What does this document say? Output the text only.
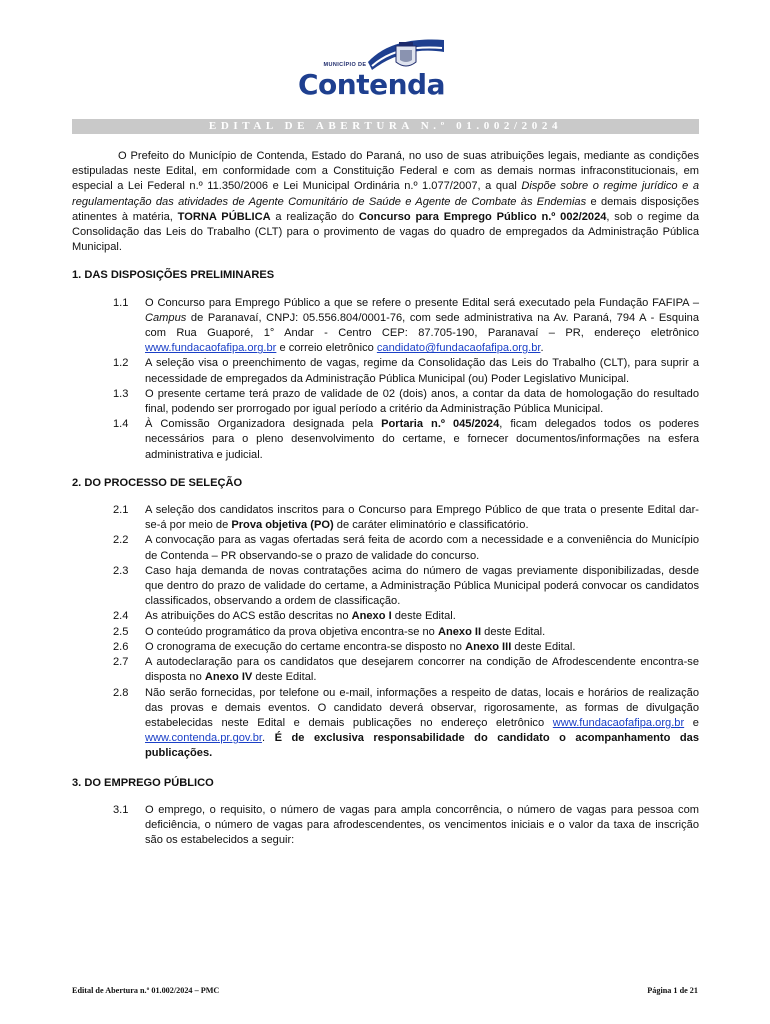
MUNICÍPIO DE
Contenda
EDITAL DE ABERTURA N.º 01.002/2024

O Prefeito do Município de Contenda, Estado do Paraná, no uso de suas atribuições legais, mediante as condições estipuladas neste Edital, em conformidade com a Constituição Federal e com as demais normas infraconstitucionais, em especial a Lei Federal n.º 11.350/2006 e Lei Municipal Ordinária n.º 1.077/2007, a qual Dispõe sobre o regime jurídico e a regulamentação das atividades de Agente Comunitário de Saúde e Agente de Combate às Endemias e demais disposições atinentes à matéria, TORNA PÚBLICA a realização do Concurso para Emprego Público n.º 002/2024, sob o regime da Consolidação das Leis do Trabalho (CLT) para o provimento de vagas do quadro de empregados da Administração Pública Municipal.

1. DAS DISPOSIÇÕES PRELIMINARES

1.1	O Concurso para Emprego Público a que se refere o presente Edital será executado pela Fundação FAFIPA – Campus de Paranavaí, CNPJ: 05.556.804/0001-76, com sede administrativa na Av. Paraná, 794 A - Esquina com Rua Guaporé, 1° Andar - Centro CEP: 87.705-190, Paranavaí – PR, endereço eletrônico www.fundacaofafipa.org.br e correio eletrônico candidato@fundacaofafipa.org.br.
1.2	A seleção visa o preenchimento de vagas, regime da Consolidação das Leis do Trabalho (CLT), para suprir a necessidade de empregados da Administração Pública Municipal (ou) Poder Legislativo Municipal.
1.3	O presente certame terá prazo de validade de 02 (dois) anos, a contar da data de homologação do resultado final, podendo ser prorrogado por igual período a critério da Administração Pública Municipal.
1.4	À Comissão Organizadora designada pela Portaria n.º 045/2024, ficam delegados todos os poderes necessários para o pleno desenvolvimento do certame, e fornecer documentos/informações na esfera administrativa e judicial.

2. DO PROCESSO DE SELEÇÃO

2.1	A seleção dos candidatos inscritos para o Concurso para Emprego Público de que trata o presente Edital dar-se-á por meio de Prova objetiva (PO) de caráter eliminatório e classificatório.
2.2	A convocação para as vagas ofertadas será feita de acordo com a necessidade e a conveniência do Município de Contenda – PR observando-se o prazo de validade do concurso.
2.3	Caso haja demanda de novas contratações acima do número de vagas previamente disponibilizadas, desde que dentro do prazo de validade do certame, a Administração Pública Municipal poderá convocar os candidatos classificados, observando a ordem de classificação.
2.4	As atribuições do ACS estão descritas no Anexo I deste Edital.
2.5	O conteúdo programático da prova objetiva encontra-se no Anexo II deste Edital.
2.6	O cronograma de execução do certame encontra-se disposto no Anexo III deste Edital.
2.7	A autodeclaração para os candidatos que desejarem concorrer na condição de Afrodescendente encontra-se disposta no Anexo IV deste Edital.
2.8	Não serão fornecidas, por telefone ou e-mail, informações a respeito de datas, locais e horários de realização das provas e demais eventos. O candidato deverá observar, rigorosamente, as formas de divulgação estabelecidas neste Edital e demais publicações no endereço eletrônico www.fundacaofafipa.org.br e www.contenda.pr.gov.br. É de exclusiva responsabilidade do candidato o acompanhamento das publicações.

3. DO EMPREGO PÚBLICO

3.1	O emprego, o requisito, o número de vagas para ampla concorrência, o número de vagas para pessoa com deficiência, o número de vagas para afrodescendentes, os vencimentos iniciais e o valor da taxa de inscrição são os estabelecidos a seguir:
Edital de Abertura n.º 01.002/2024 – PMC	Página 1 de 21
